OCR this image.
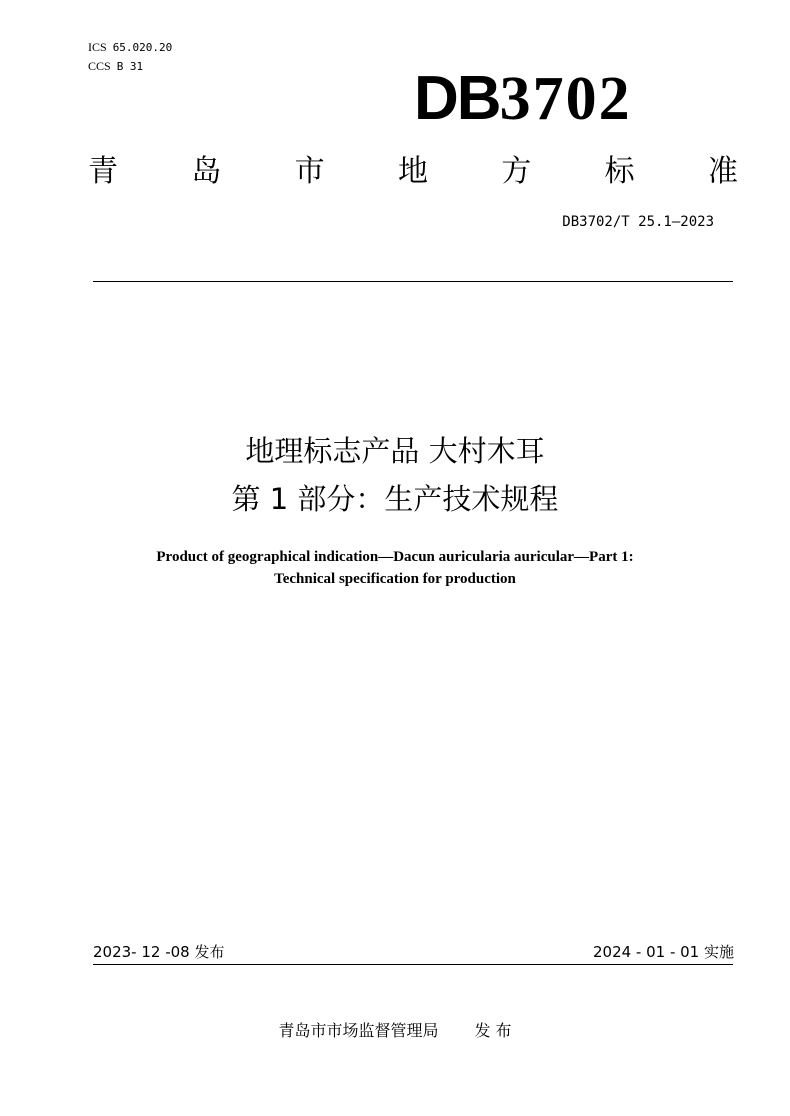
ICS 65.020.20
CCS B 31	DB3702
青 岛 市 地 方 标 准
DB3702/T 25.1—2023
地理标志产品 大村木耳
第 1 部分：生产技术规程
Product of geographical indication—Dacun auricularia auricular—Part 1:
Technical specification for production
2023- 12 -08 发布	2024 - 01 - 01 实施
青岛市市场监督管理局 发 布
